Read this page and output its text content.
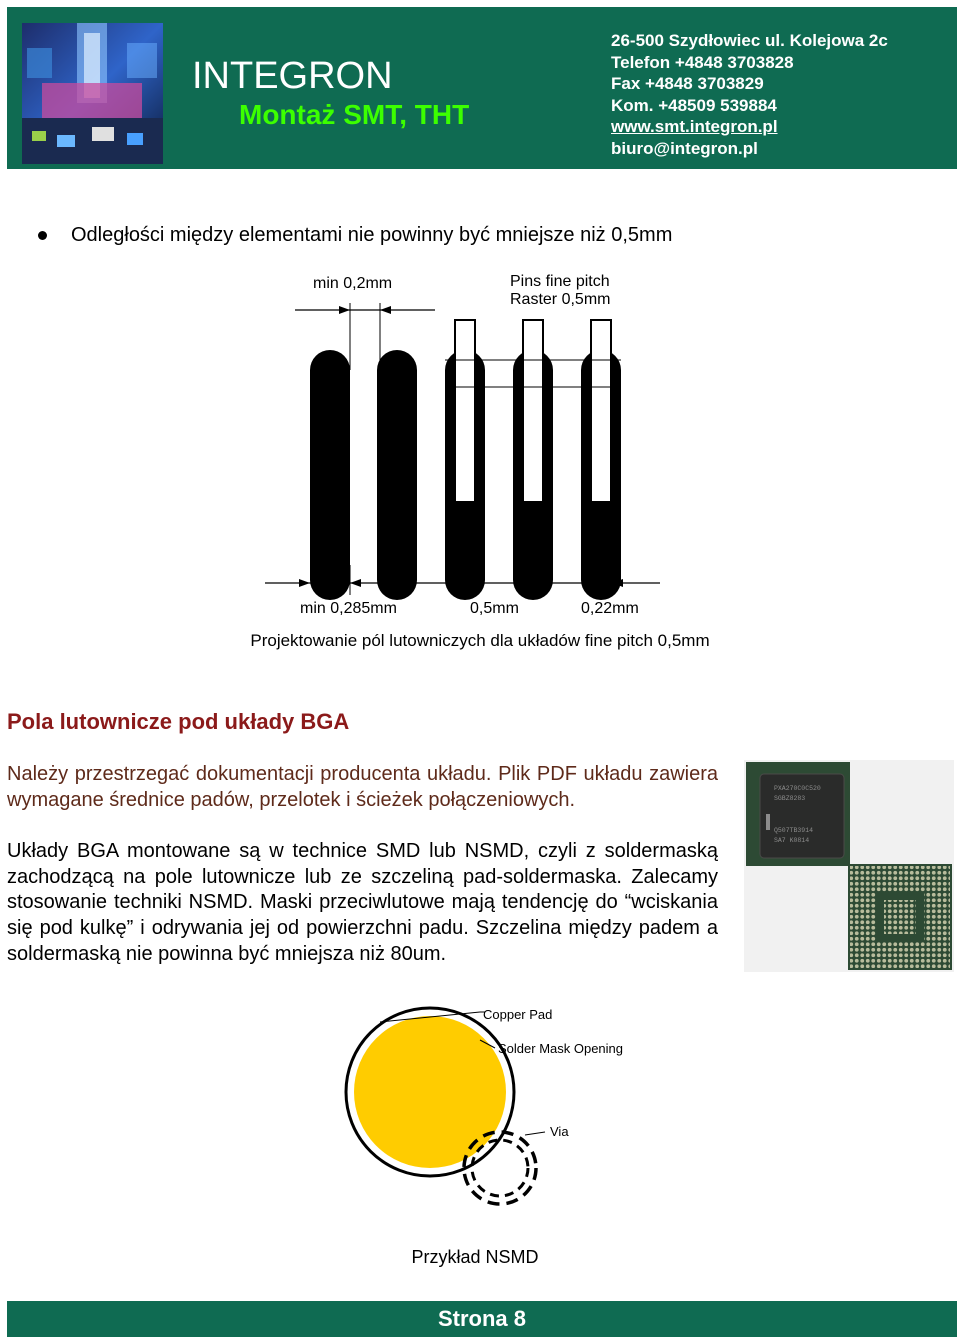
INTEGRON
Montaż SMT, THT
26-500 Szydłowiec ul. Kolejowa 2c
Telefon +4848 3703828
Fax +4848 3703829
Kom. +48509 539884
www.smt.integron.pl
biuro@integron.pl
Odległości między elementami nie powinny być mniejsze niż 0,5mm
min 0,2mm	Pins fine pitch
Raster 0,5mm
min 0,285mm	0,5mm	0,22mm
Projektowanie pól lutowniczych dla układów fine pitch 0,5mm
Pola lutownicze pod układy BGA

Należy przestrzegać dokumentacji producenta układu. Plik PDF układu zawiera wymagane średnice padów, przelotek i ścieżek połączeniowych.

Układy BGA montowane są w technice SMD lub NSMD, czyli z soldermaską zachodzącą na pole lutownicze lub ze szczeliną pad-soldermaska. Zalecamy stosowanie techniki NSMD. Maski przeciwlutowe mają tendencję do “wciskania się pod kulkę” i odrywania jej od powierzchni padu. Szczelina między padem a soldermaską nie powinna być mniejsza niż 80um.

PXA270C0C520
SGBZ8283
Q507TB3914
SA7 K0814
Copper Pad
Solder Mask Opening
Via
Przykład NSMD
Strona 8
